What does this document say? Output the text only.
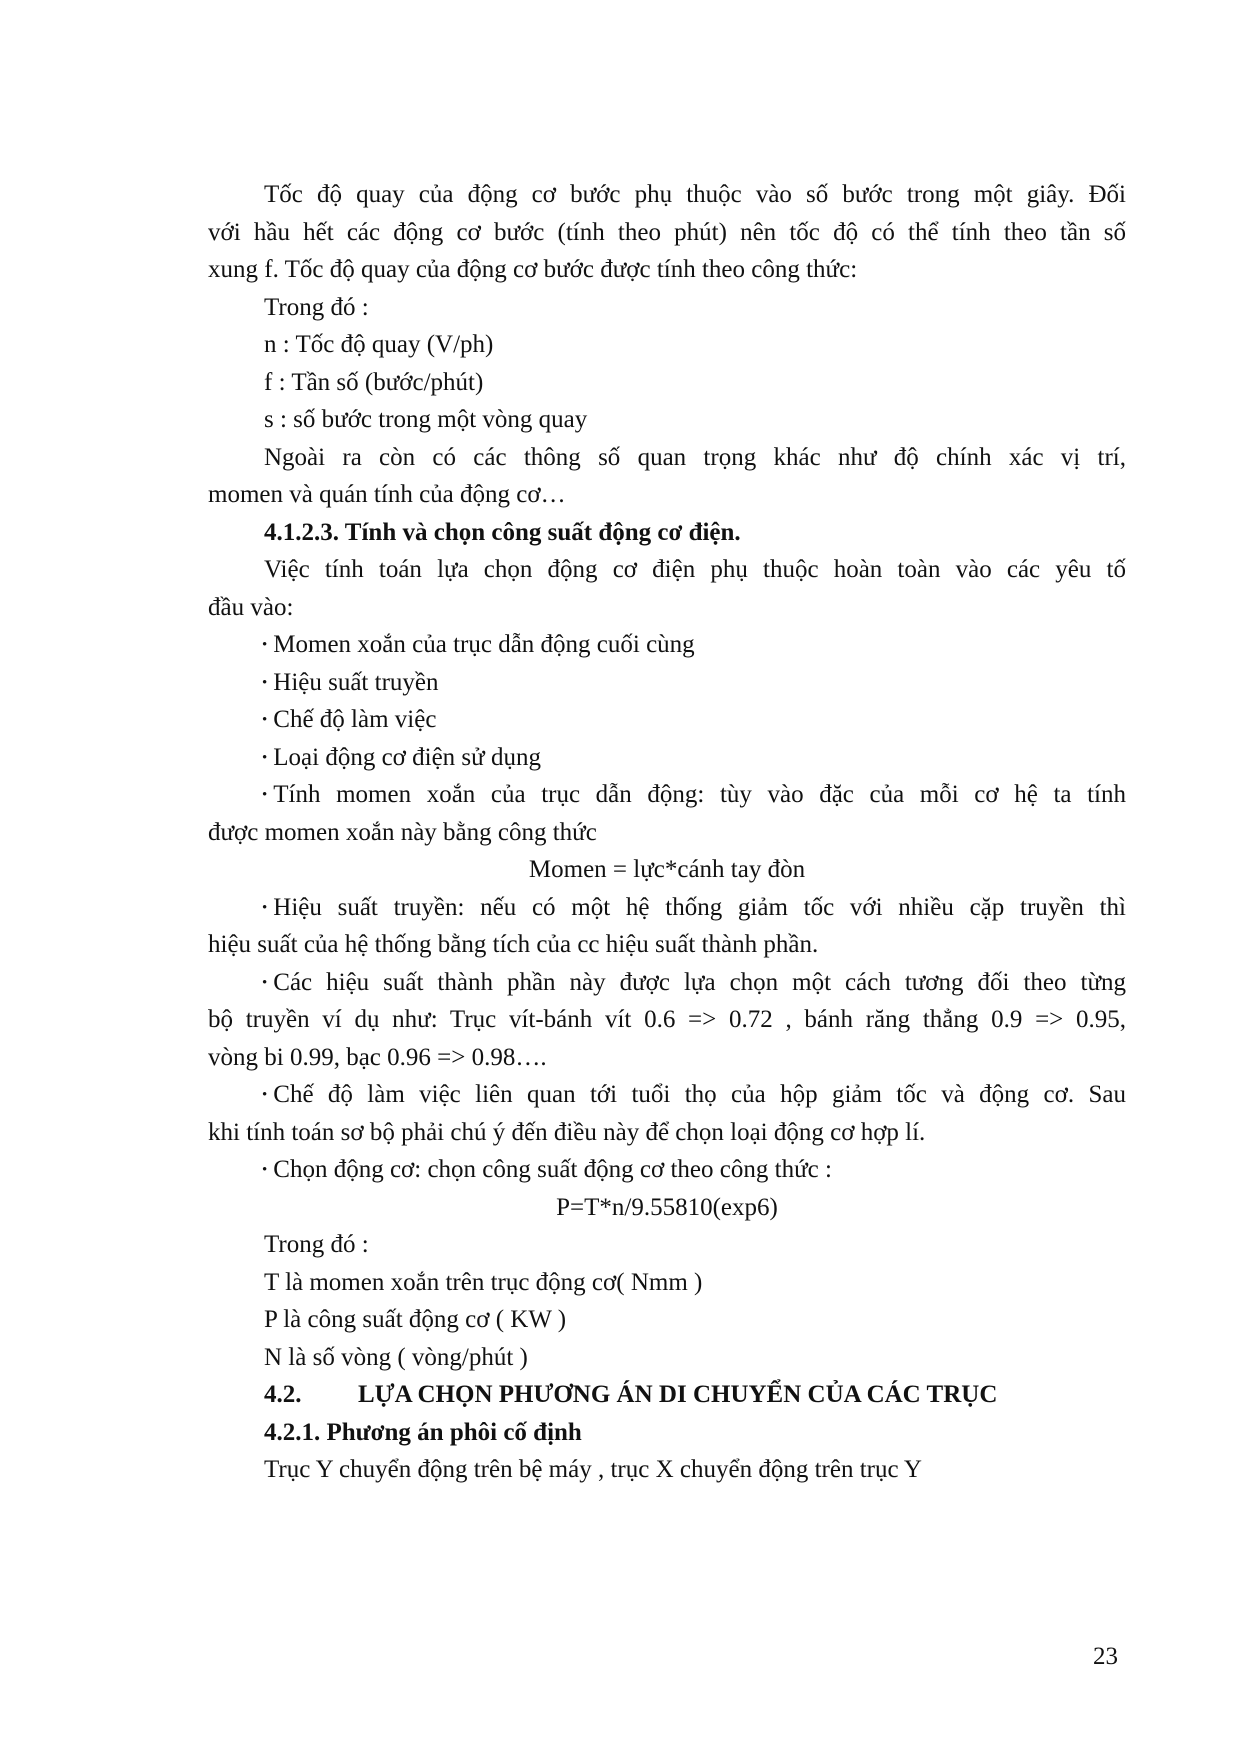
Tốc độ quay của động cơ bước phụ thuộc vào số bước trong một giây. Đối
với hầu hết các động cơ bước (tính theo phút) nên tốc độ có thể tính theo tần số
xung f. Tốc độ quay của động cơ bước được tính theo công thức:
Trong đó :
n : Tốc độ quay (V/ph)
f : Tần số (bước/phút)
s : số bước trong một vòng quay
Ngoài ra còn có các thông số quan trọng khác như độ chính xác vị trí,
momen và quán tính của động cơ…
4.1.2.3. Tính và chọn công suất động cơ điện.
Việc tính toán lựa chọn động cơ điện phụ thuộc hoàn toàn vào các yêu tố
đầu vào:
• Momen xoắn của trục dẫn động cuối cùng
• Hiệu suất truyền
• Chế độ làm việc
• Loại động cơ điện sử dụng
• Tính momen xoắn của trục dẫn động: tùy vào đặc của mỗi cơ hệ ta tính
được momen xoắn này bằng công thức
Momen = lực*cánh tay đòn
• Hiệu suất truyền: nếu có một hệ thống giảm tốc với nhiều cặp truyền thì
hiệu suất của hệ thống bằng tích của cc hiệu suất thành phần.
• Các hiệu suất thành phần này được lựa chọn một cách tương đối theo từng
bộ truyền ví dụ như: Trục vít-bánh vít 0.6 => 0.72 , bánh răng thẳng 0.9 => 0.95,
vòng bi 0.99, bạc 0.96 => 0.98….
• Chế độ làm việc liên quan tới tuổi thọ của hộp giảm tốc và động cơ. Sau
khi tính toán sơ bộ phải chú ý đến điều này để chọn loại động cơ hợp lí.
• Chọn động cơ: chọn công suất động cơ theo công thức :
P=T*n/9.55810(exp6)
Trong đó :
T là momen xoắn trên trục động cơ( Nmm )
P là công suất động cơ ( KW )
N là số vòng ( vòng/phút )
4.2. LỰA CHỌN PHƯƠNG ÁN DI CHUYỂN CỦA CÁC TRỤC
4.2.1. Phương án phôi cố định
Trục Y chuyển động trên bệ máy , trục X chuyển động trên trục Y
23
